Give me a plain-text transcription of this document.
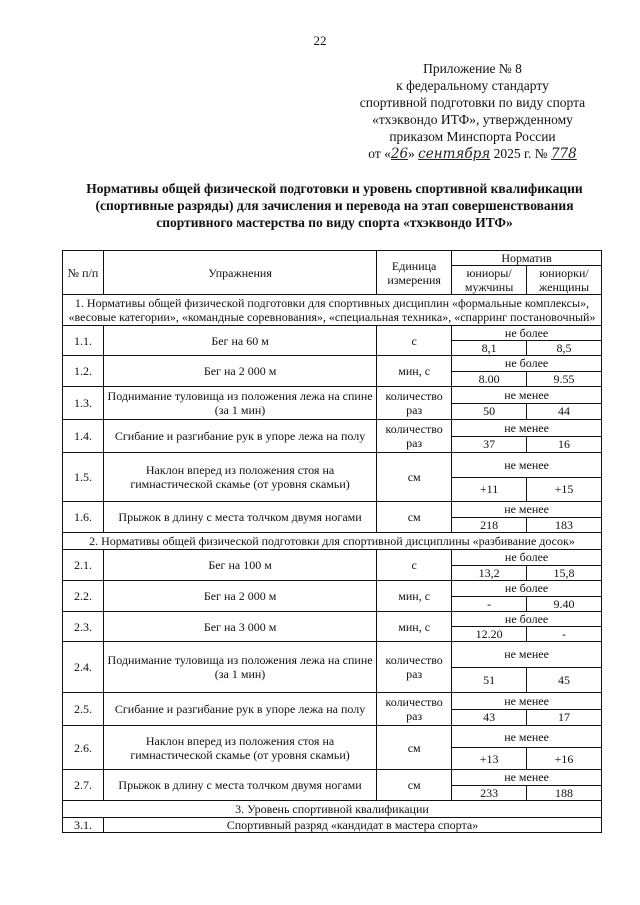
22
Приложение № 8
к федеральному стандарту
спортивной подготовки по виду спорта
«тхэквондо ИТФ», утвержденному
приказом Минспорта России
от «26» сентября 2025 г. № 778
Нормативы общей физической подготовки и уровень спортивной квалификации (спортивные разряды) для зачисления и перевода на этап совершенствования спортивного мастерства по виду спорта «тхэквондо ИТФ»
№ п/п	Упражнения	Единица измерения	Норматив	
			юниоры/ мужчины	юниорки/ женщины
1. Нормативы общей физической подготовки для спортивных дисциплин «формальные комплексы», «весовые категории», «командные соревнования», «специальная техника», «спарринг постановочный»				
1.1.	Бег на 60 м	с	не более	
			8,1	8,5
1.2.	Бег на 2 000 м	мин, с	не более	
			8.00	9.55
1.3.	Поднимание туловища из положения лежа на спине (за 1 мин)	количество раз	не менее	
			50	44
1.4.	Сгибание и разгибание рук в упоре лежа на полу	количество раз	не менее	
			37	16
1.5.	Наклон вперед из положения стоя на гимнастической скамье (от уровня скамьи)	см	не менее	
			+11	+15
1.6.	Прыжок в длину с места толчком двумя ногами	см	не менее	
			218	183
2. Нормативы общей физической подготовки для спортивной дисциплины «разбивание досок»				
2.1.	Бег на 100 м	с	не более	
			13,2	15,8
2.2.	Бег на 2 000 м	мин, с	не более	
			-	9.40
2.3.	Бег на 3 000 м	мин, с	не более	
			12.20	-
2.4.	Поднимание туловища из положения лежа на спине (за 1 мин)	количество раз	не менее	
			51	45
2.5.	Сгибание и разгибание рук в упоре лежа на полу	количество раз	не менее	
			43	17
2.6.	Наклон вперед из положения стоя на гимнастической скамье (от уровня скамьи)	см	не менее	
			+13	+16
2.7.	Прыжок в длину с места толчком двумя ногами	см	не менее	
			233	188
3. Уровень спортивной квалификации				
3.1.	Спортивный разряд «кандидат в мастера спорта»			
